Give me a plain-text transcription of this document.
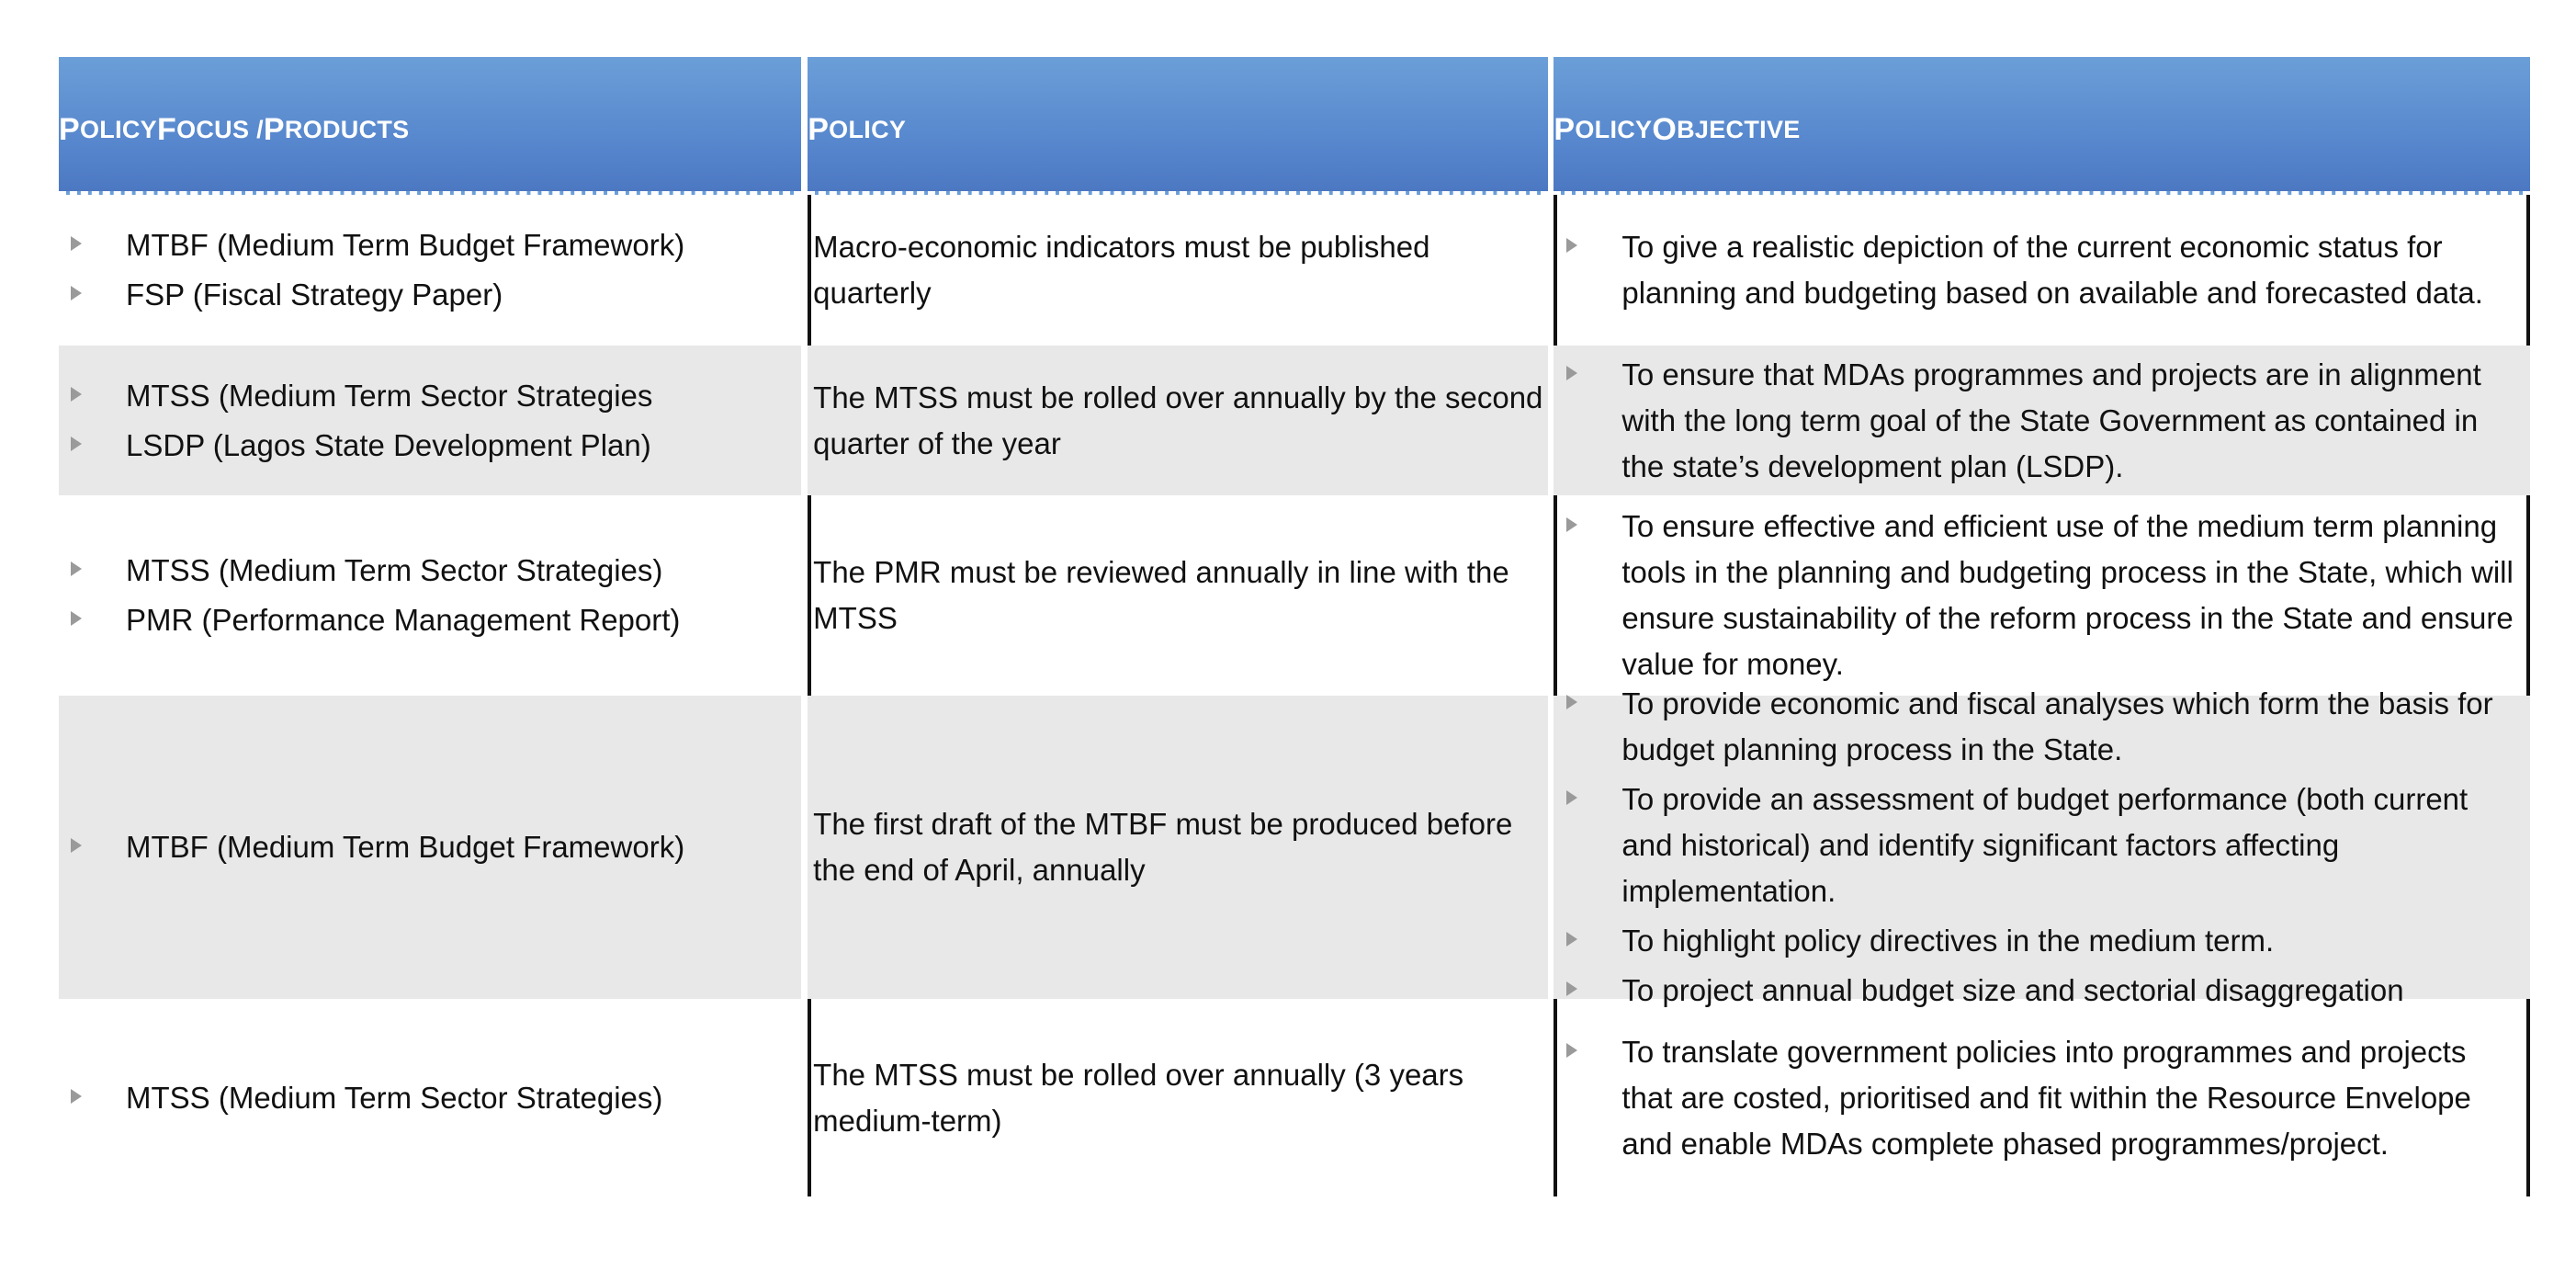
P OLICY F OCUS / P RODUCTS	P OLICY	P OLICY O BJECTIVE
MTBF (Medium Term Budget Framework)
FSP (Fiscal Strategy Paper)
Macro-economic indicators must be published quarterly
To give a realistic depiction of the current economic status for planning and budgeting based on available and forecasted data.
MTSS (Medium Term Sector Strategies
LSDP (Lagos State Development Plan)
The MTSS must be rolled over annually by the second quarter of the year
To ensure that MDAs programmes and projects are in alignment with the long term goal of the State Government as contained in the state’s development plan (LSDP).
MTSS (Medium Term Sector Strategies)
PMR (Performance Management Report)
The PMR must be reviewed annually in line with the MTSS
To ensure effective and efficient use of the medium term planning tools in the planning and budgeting process in the State, which will ensure sustainability of the reform process in the State and ensure value for money.
MTBF (Medium Term Budget Framework)
The first draft of the MTBF must be produced before the end of April, annually
To provide economic and fiscal analyses which form the basis for budget planning process in the State.
To provide an assessment of budget performance (both current and historical) and identify significant factors affecting implementation.
To highlight policy directives in the medium term.
To project annual budget size and sectorial disaggregation
MTSS (Medium Term Sector Strategies)
The MTSS must be rolled over annually (3 years medium-term)
To translate government policies into programmes and projects that are costed, prioritised and fit within the Resource Envelope and enable MDAs complete phased programmes/project.
